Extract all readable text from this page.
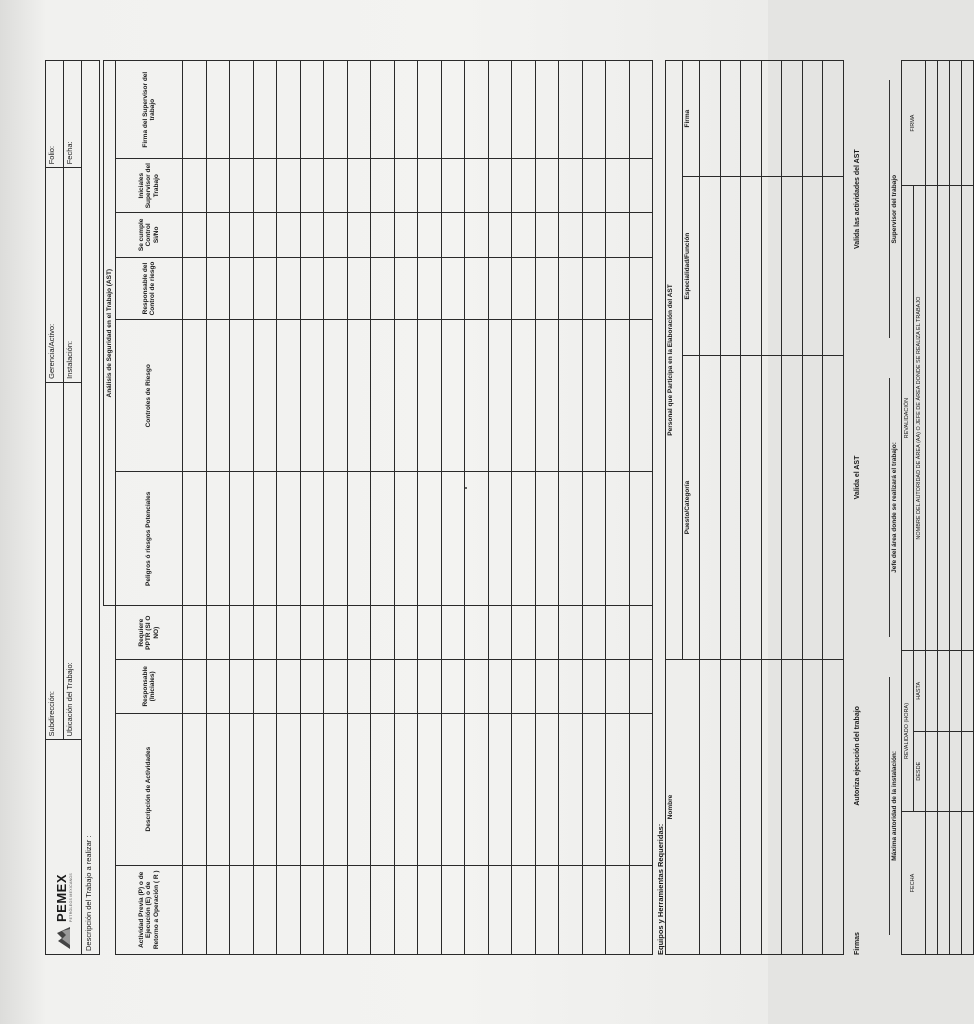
PEMEX PETRÓLEOS MEXICANOS	Subdirección:	Gerencia/Activo:	Folio:
	Ubicación del Trabajo:	Instalación:	Fecha:
Descripción del Trabajo a realizar :
				Análisis de Seguridad en el Trabajo (AST)					
Actividad Previa (P) o de Ejecución (E) o de Retorno a Operación ( R )	Descripción de Actividades	Responsable (Iniciales)	Requiere PPTR (SI O NO)	Peligros ó riesgos Potenciales	Controles de Riesgo	Responsable del Control de riesgo	Se cumple Control Si/No	Iniciales Supervisor del Trabajo	Firma del Supervisor del trabajo

Equipos y Herramientas Requeridas:
Nombre	Personal que Participa en la Elaboración del AST		
	Puesto/Categoría	Especialidad/Función	Firma

Firmas
Autoriza ejecución del trabajo
Valida el AST
Valida las actividades del AST
Máxima autoridad de la instalación:
Jefe del área donde se realizará el trabajo:
Supervisor del trabajo
FECHA	REVALIDADO (HORA)		REVALIDACIÓN	FIRMA
	DESDE	HASTA	NOMBRE DEL AUTORIDAD DE ÁREA (AA) O JEFE DE ÁREA DONDE SE REALIZA EL TRABAJO	
